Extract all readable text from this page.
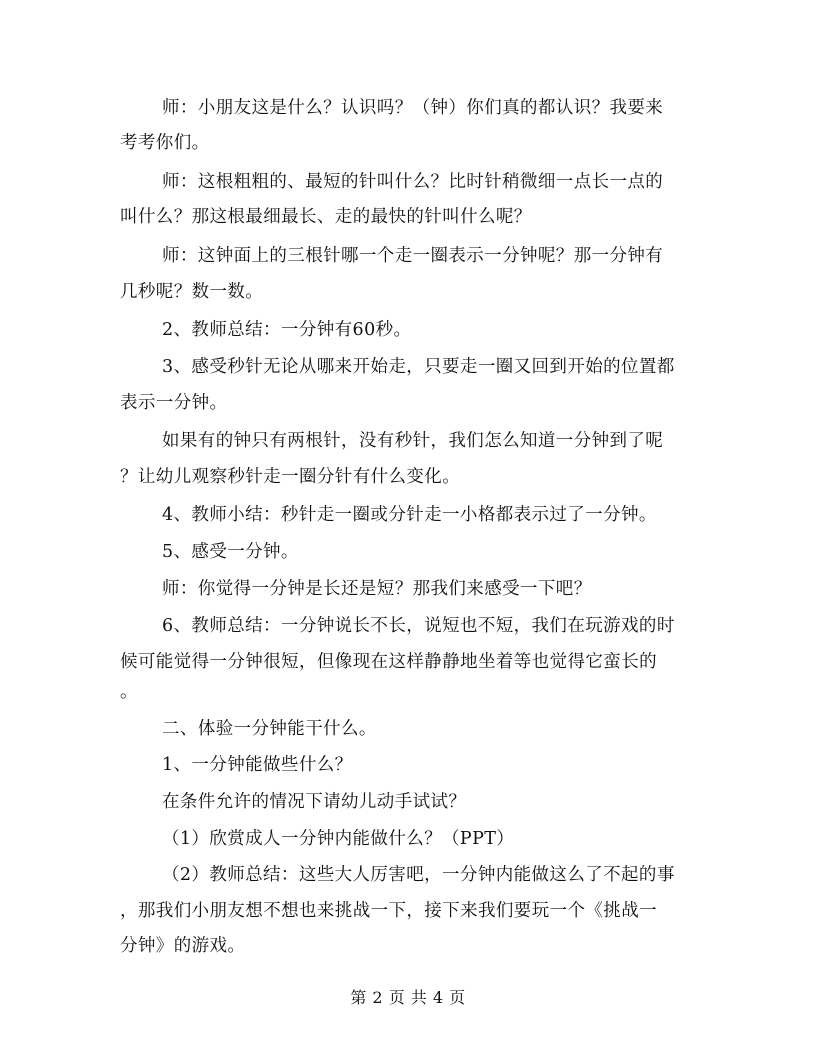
师：小朋友这是什么？认识吗？（钟）你们真的都认识？我要来
考考你们。
师：这根粗粗的、最短的针叫什么？比时针稍微细一点长一点的
叫什么？那这根最细最长、走的最快的针叫什么呢？
师：这钟面上的三根针哪一个走一圈表示一分钟呢？那一分钟有
几秒呢？数一数。
2、教师总结：一分钟有60秒。
3、感受秒针无论从哪来开始走，只要走一圈又回到开始的位置都
表示一分钟。
如果有的钟只有两根针，没有秒针，我们怎么知道一分钟到了呢
？让幼儿观察秒针走一圈分针有什么变化。
4、教师小结：秒针走一圈或分针走一小格都表示过了一分钟。
5、感受一分钟。
师：你觉得一分钟是长还是短？那我们来感受一下吧？
6、教师总结：一分钟说长不长，说短也不短，我们在玩游戏的时
候可能觉得一分钟很短，但像现在这样静静地坐着等也觉得它蛮长的
。
二、体验一分钟能干什么。
1、一分钟能做些什么？
在条件允许的情况下请幼儿动手试试？
（1）欣赏成人一分钟内能做什么？（PPT）
（2）教师总结：这些大人厉害吧，一分钟内能做这么了不起的事
，那我们小朋友想不想也来挑战一下，接下来我们要玩一个《挑战一
分钟》的游戏。
第 2 页 共 4 页
